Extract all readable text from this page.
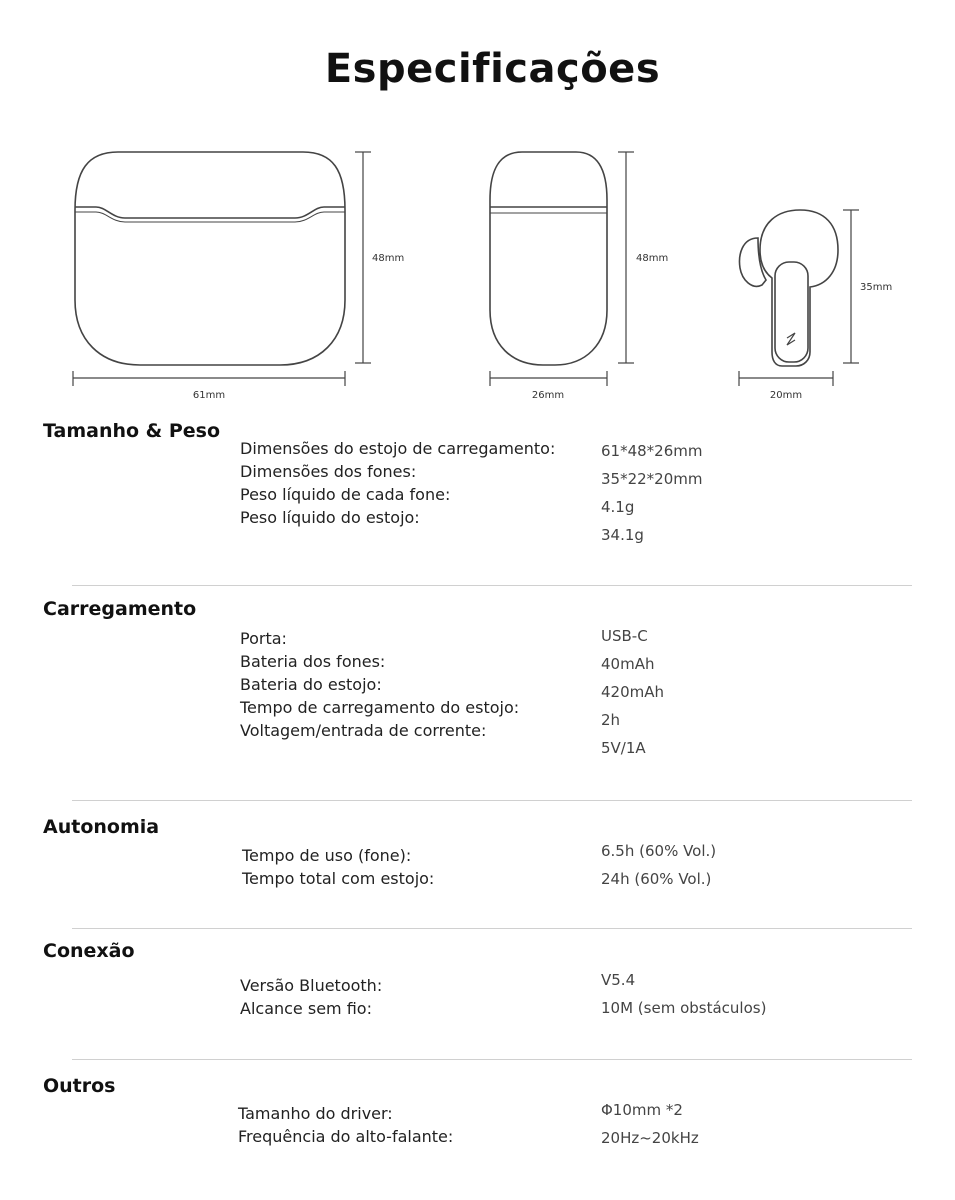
Especificações
61mm
48mm
26mm
48mm
20mm
35mm
Tamanho & Peso
Dimensões do estojo de carregamento:
Dimensões dos fones:
Peso líquido de cada fone:
Peso líquido do estojo:
61*48*26mm
35*22*20mm
4.1g
34.1g
Carregamento
Porta:
Bateria dos fones:
Bateria do estojo:
Tempo de carregamento do estojo:
Voltagem/entrada de corrente:
USB-C
40mAh
420mAh
2h
5V/1A
Autonomia
Tempo de uso (fone):
Tempo total com estojo:
6.5h (60% Vol.)
24h (60% Vol.)
Conexão
Versão Bluetooth:
Alcance sem fio:
V5.4
10M (sem obstáculos)
Outros
Tamanho do driver:
Frequência do alto-falante:
Φ10mm *2
20Hz~20kHz
